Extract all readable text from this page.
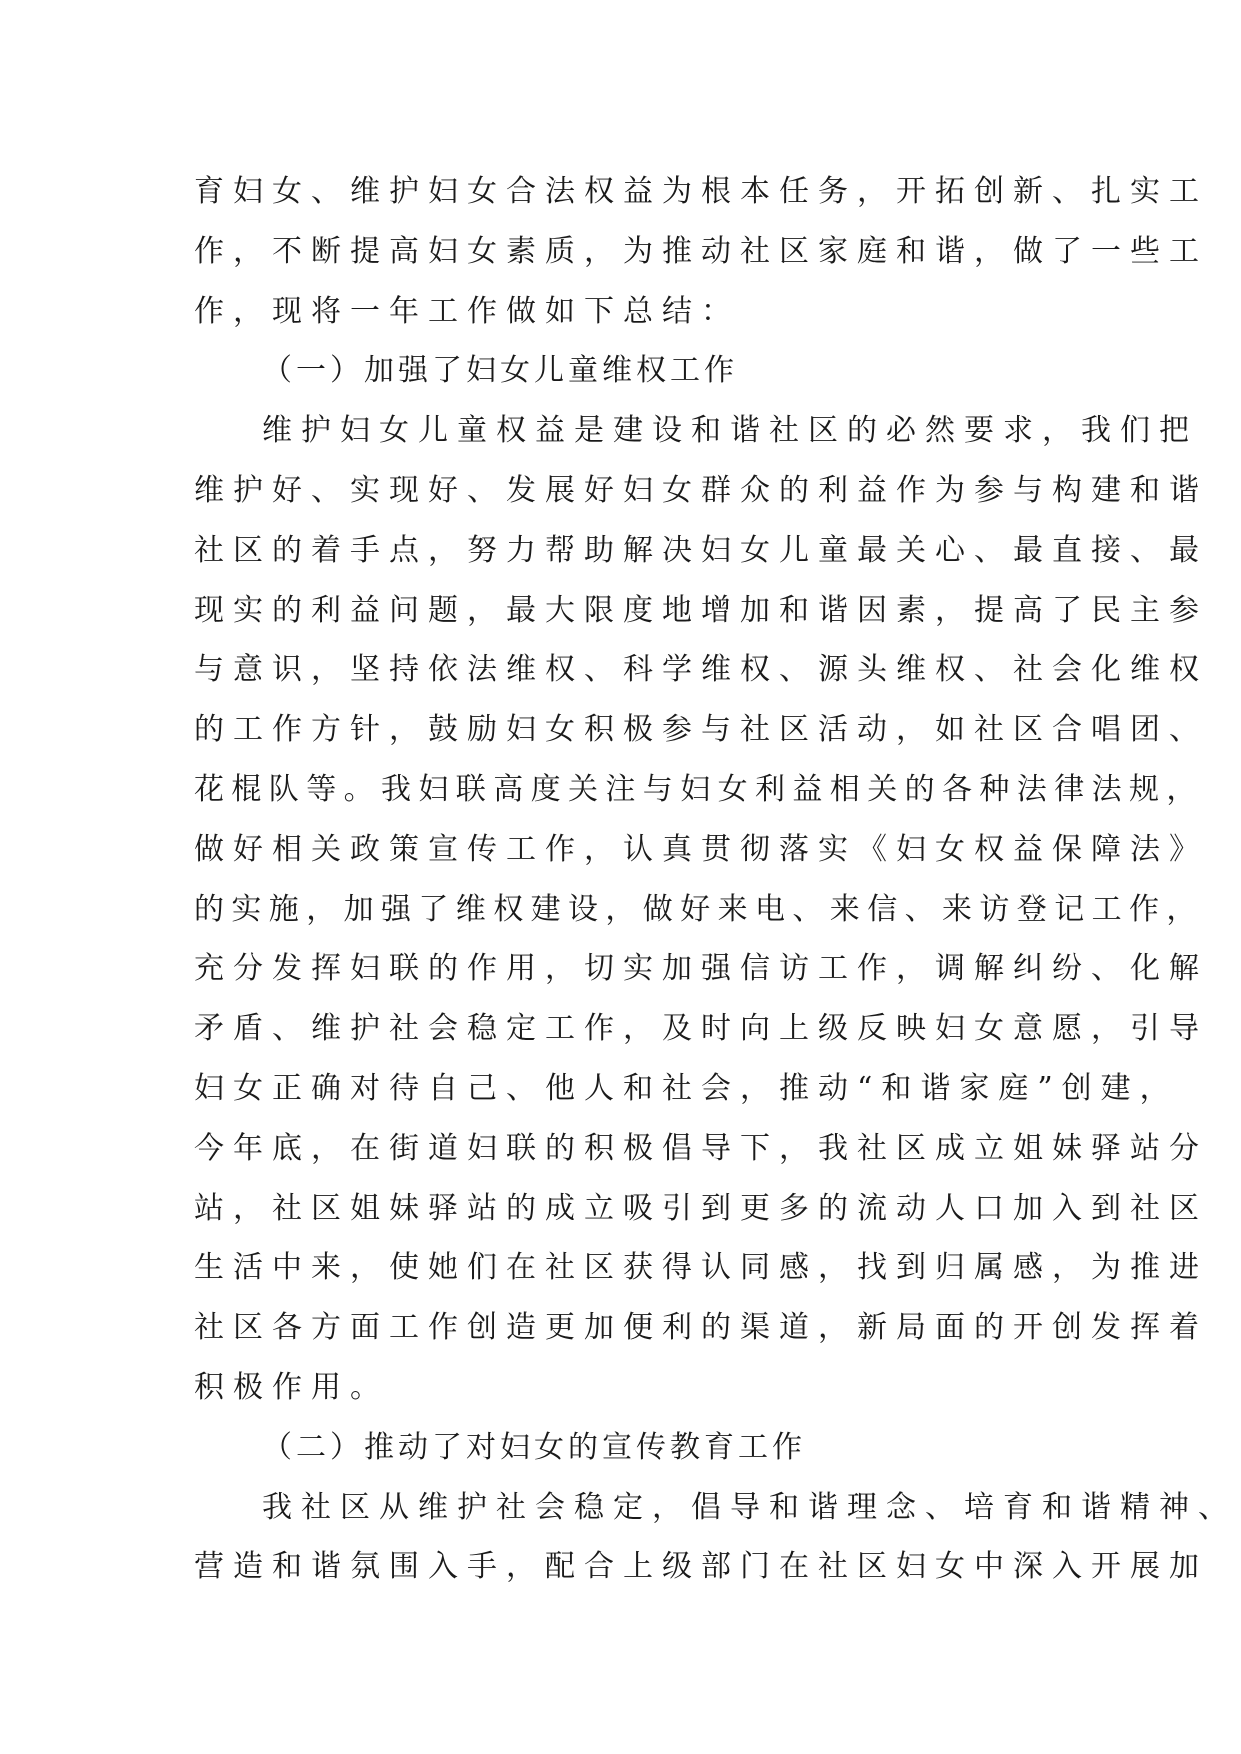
育妇女、维护妇女合法权益为根本任务，开拓创新、扎实工
作，不断提高妇女素质，为推动社区家庭和谐，做了一些工
作，现将一年工作做如下总结：
（一）加强了妇女儿童维权工作
维护妇女儿童权益是建设和谐社区的必然要求，我们把
维护好、实现好、发展好妇女群众的利益作为参与构建和谐
社区的着手点，努力帮助解决妇女儿童最关心、最直接、最
现实的利益问题，最大限度地增加和谐因素，提高了民主参
与意识，坚持依法维权、科学维权、源头维权、社会化维权
的工作方针，鼓励妇女积极参与社区活动，如社区合唱团、
花棍队等。我妇联高度关注与妇女利益相关的各种法律法规，
做好相关政策宣传工作，认真贯彻落实《妇女权益保障法》
的实施，加强了维权建设，做好来电、来信、来访登记工作，
充分发挥妇联的作用，切实加强信访工作，调解纠纷、化解
矛盾、维护社会稳定工作，及时向上级反映妇女意愿，引导
妇女正确对待自己、他人和社会，推动“和谐家庭”创建，
今年底，在街道妇联的积极倡导下，我社区成立姐妹驿站分
站，社区姐妹驿站的成立吸引到更多的流动人口加入到社区
生活中来，使她们在社区获得认同感，找到归属感，为推进
社区各方面工作创造更加便利的渠道，新局面的开创发挥着
积极作用。
（二）推动了对妇女的宣传教育工作
我社区从维护社会稳定，倡导和谐理念、培育和谐精神、
营造和谐氛围入手，配合上级部门在社区妇女中深入开展加
